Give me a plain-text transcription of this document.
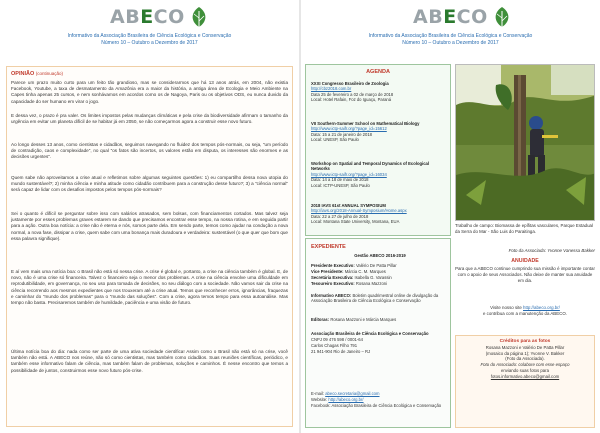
ABECO
Informativo da Associação Brasileira de Ciência Ecológica e Conservação
Número 10 – Outubro a Dezembro de 2017
OPINIÃO (continuação)

Parece um prazo muito curto para um feito tão grandioso, mas se considerarmos que há 13 anos atrás, em 2004, não existia Facebook, Youtube, a taxa de desmatamento da Amazônia era a maior da história, a antiga área de Ecologia e Meio Ambiente na Capes tinha apenas 25 cursos, e nem sonhávamos em acordos como os de Nagoya, Paris ou os objetivos ODS, eu nunca duvido da capacidade do ser humano em virar o jogo.

E dessa vez, o prazo é pra valer. Os limites impostos pelas mudanças climáticas e pela crise da biodiversidade afirmam o tamanho da urgência em evitar um planeta difícil de se habitar já em 2050, se não começarmos agora a construir esse novo futuro.

Ao longo desses 13 anos, como cientistas e cidadãos, seguimos navegando no fluidez dos tempos pós-normais, ou seja, "um período de contradição, caos e complexidade", no qual "os fatos são incertos, os valores estão em disputa, os interesses são enormes e as decisões urgentes".

Quem sabe não aproveitamos a crise atual e refletimos sobre algumas seguintes questões: 1) eu compartilho dessa nova utopia do mundo sustentável?; 2) minha ciência e minha atitude como cidadão contribuem para a construção desse futuro?; 3) a "ciência normal" será capaz de lidar com os desafios impostos pelos tempos pós-normais?

Sei o quanto é difícil se perguntar sobre isso com salários atrasados, sem bolsas, com financiamentos cortados. Mas talvez seja justamente por esses problemas graves estarem se dando que precisamos encontrar esse tempo, na nossa rotina, e em seguida partir para a ação. Outra boa notícia: a crise não é eterna e nós, somos parte dela. Em sendo parte, temos como ajudar na condução a nova normal, a nova fase, dissipar a crise, quem sabe com uma bonança mais duradoura e verdadeira: sustentável (o que quer que bom que essa palavra signifique).

E aí vem mais uma notícia boa: o Brasil não está só nessa crise. A crise é global e, portanto, a crise na ciência também é global. E, de novo, não é uma crise só financeira. Talvez o financeiro seja o menor dos problemas. A crise na ciência envolve uma dificuldade em reprodutibilidade, em governança, no seu uso para tomada de decisões, no seu diálogo com a sociedade. Não vamos sair da crise na ciência recorrendo aos mesmos expedientes que nos trouxeram até a crise atual. Temos que reconhecer erros, ignorâncias, fraquezas e caminhar do "mundo dos problemas" para o "mundo das soluções". Com a crise, agora temos tempo para essa autoanálise. Mas tempo não basta. Precisaremos também de humildade, paciência e uma visão de futuro.

Última notícia boa do dia: nada como ser parte de uma ativa sociedade científica! Assim como o Brasil não está só na crise, você também não está. A ABECO nos reúne, não só como cientistas, mas também como cidadãos. Suas reuniões científicas, periódico, e também esse informativo falam de ciência, mas também falam de problemas, soluções e caminhos. É nesse encontro que temos a possibilidade de juntos, construirmos esse novo futuro pós-crise.

ABECO
Informativo da Associação Brasileira de Ciência Ecológica e Conservação
Número 10 – Outubro a Dezembro de 2017
AGENDA
XXXI Congresso Brasileiro de Zoologia
http://cbz2018.com.br
Data 25 de fevereiro a 02 de março de 2018
Local: Hotel Rafain, Foz do Iguaçu, Paraná
VII Southern-Summer School on Mathematical Biology
http://www.ictp-saifr.org/?page_id=15612
Data: 15 a 21 de janeiro de 2018
Local: UNESP, São Paulo
Workshop on Spatial and Temporal Dynamics of Ecological Networks
http://www.ictp-saifr.org/?page_id=16034
Data: 14 a 18 de maio de 2018
Local: ICTP-UNESP, São Paulo
2018 IAVS 61st ANNUAL SYMPOSIUM
http://iavs.org/2018-Annual-Symposium/Home.aspx
Data: 22 a 27 de julho de 2018
Local: Montana State University, Montana, EUA
EXPEDIENTE
Gestão ABECO 2016-2019
Presidente Executivo: Valério De Patta Pillar
Vice Presidente: Márcia C. M. Marques
Secretária Executiva: Isabella G. Varassin
Tesoureiro Executivo: Rosana Mazzoni
Informativo ABECO: Boletim quadrimestral online de divulgação da Associação Brasileira de Ciência Ecológica e Conservação
Editoras: Rosana Mazzoni e Márcia Marques
Associação Brasileira de Ciência Ecológica e Conservação
CNPJ 09 476 598 / 0001-64
Carlos Chagas Filho 791
21 941-904 Rio de Janeiro – RJ
E-mail: abeco.secretaria@gmail.com
Website: http://abeco.org.br/
Facebook: Associação Brasileira de Ciência Ecológica e Conservação
Trabalho de campo: Biomassa de epífitas vasculares, Parque Estadual da Serra do Mar - São Luis do Paraitinga.
Foto da Associada: Yvonne Vanessa Bakker
ANUIDADE
Para que a ABECO continue cumprindo sua missão é importante contar com o apoio de seus Associados. Não deixe de manter sua anuidade em dia.
Visite nosso site http://abeco.org.br/
e contribua com a manutenção da ABECO.
Créditos para as fotos
Rosana Mazzoni e Valério De Patta Pillar
(mosaico da página 1); Yvonne V. Bakker
(Foto da Associada).
Foto do Associado: colabore com esse espaço
enviando suas fotos para
fotos.informativo.abeco@gmail.com
